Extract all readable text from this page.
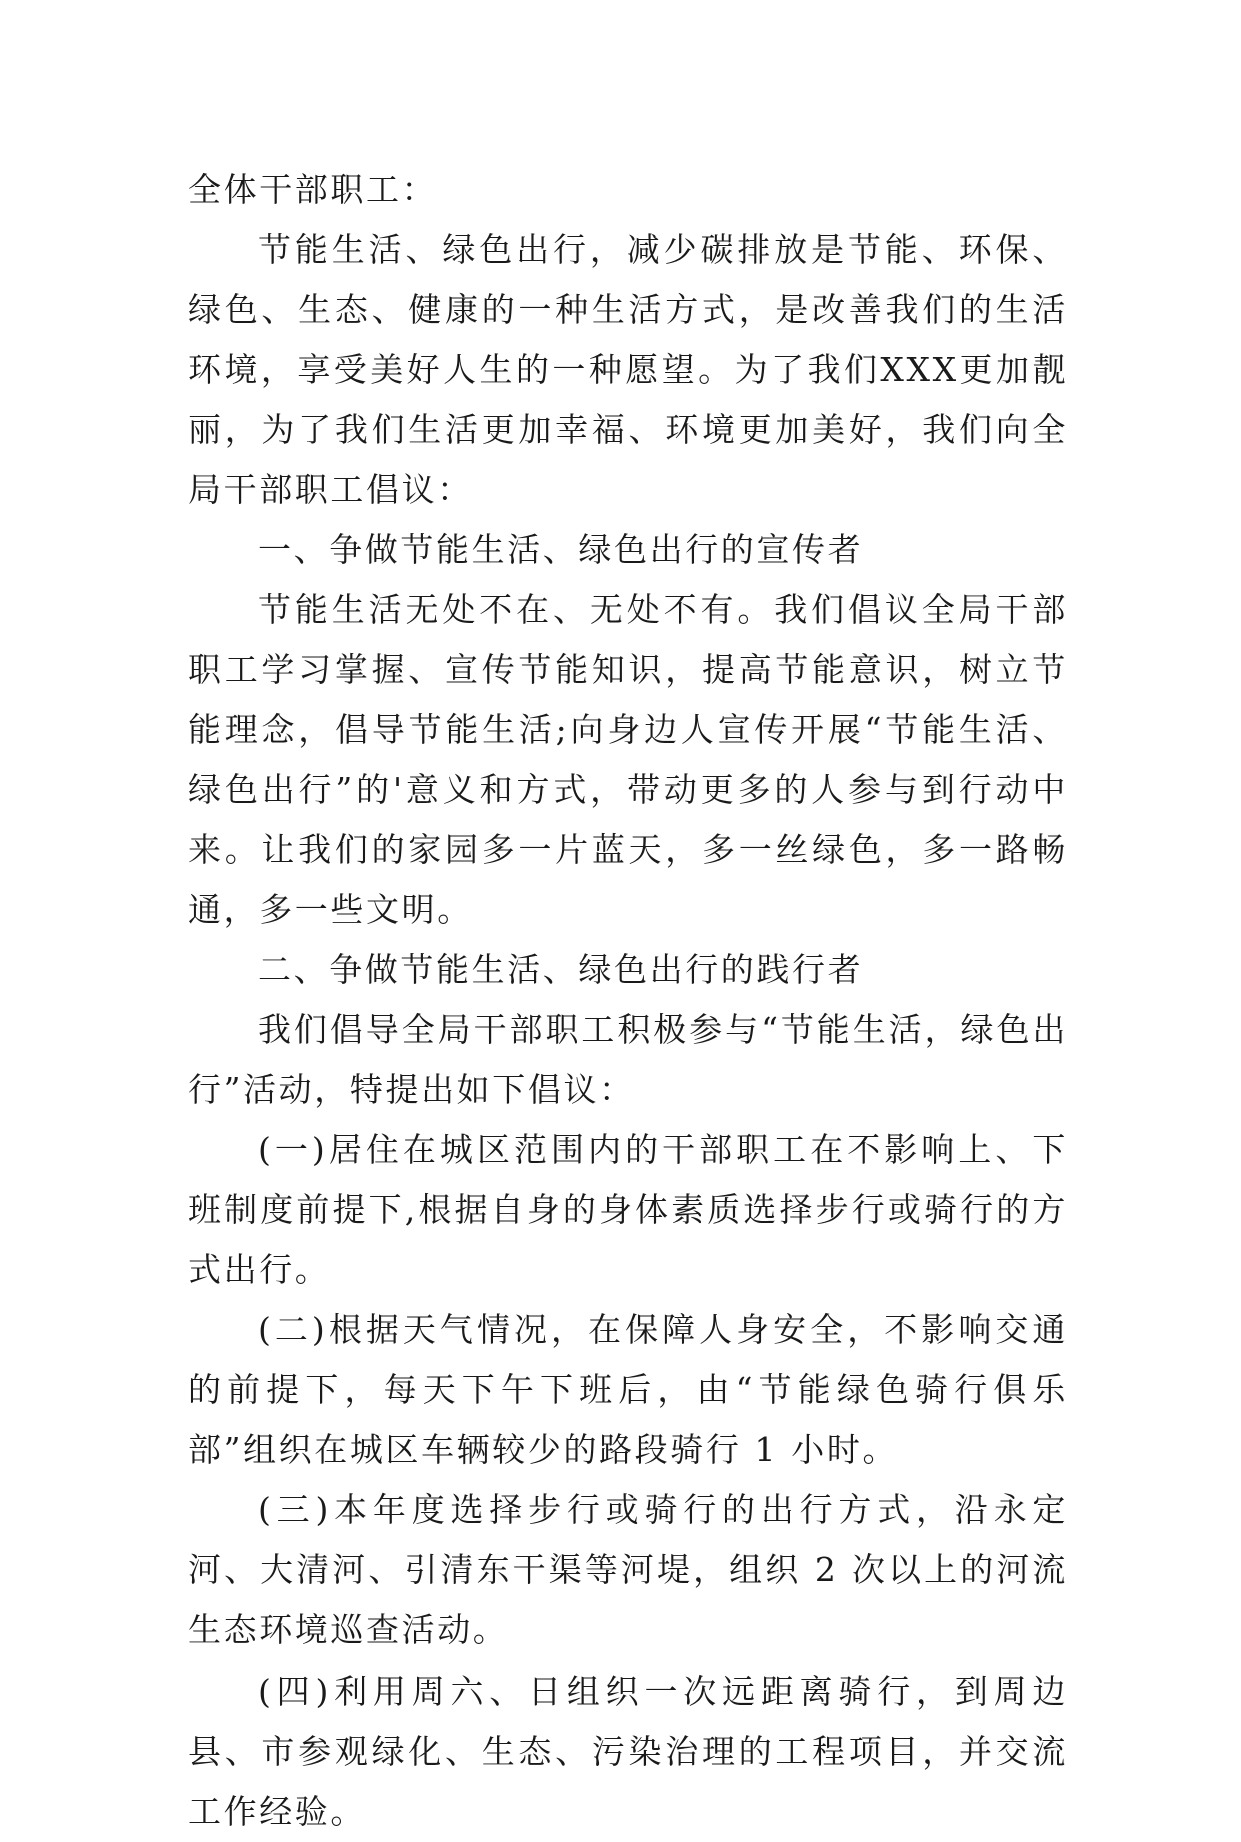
全体干部职工：

节能生活、绿色出行，减少碳排放是节能、环保、绿色、生态、健康的一种生活方式，是改善我们的生活环境，享受美好人生的一种愿望。为了我们XXX更加靓丽，为了我们生活更加幸福、环境更加美好，我们向全局干部职工倡议：

一、争做节能生活、绿色出行的宣传者

节能生活无处不在、无处不有。我们倡议全局干部职工学习掌握、宣传节能知识，提高节能意识，树立节能理念，倡导节能生活;向身边人宣传开展“节能生活、绿色出行”的'意义和方式，带动更多的人参与到行动中来。让我们的家园多一片蓝天，多一丝绿色，多一路畅通，多一些文明。

二、争做节能生活、绿色出行的践行者

我们倡导全局干部职工积极参与“节能生活，绿色出行”活动，特提出如下倡议：

(一)居住在城区范围内的干部职工在不影响上、下班制度前提下,根据自身的身体素质选择步行或骑行的方式出行。

(二)根据天气情况，在保障人身安全，不影响交通的前提下，每天下午下班后，由“节能绿色骑行俱乐部”组织在城区车辆较少的路段骑行 1 小时。

(三)本年度选择步行或骑行的出行方式，沿永定河、大清河、引清东干渠等河堤，组织 2 次以上的河流生态环境巡查活动。

(四)利用周六、日组织一次远距离骑行，到周边县、市参观绿化、生态、污染治理的工程项目，并交流工作经验。
